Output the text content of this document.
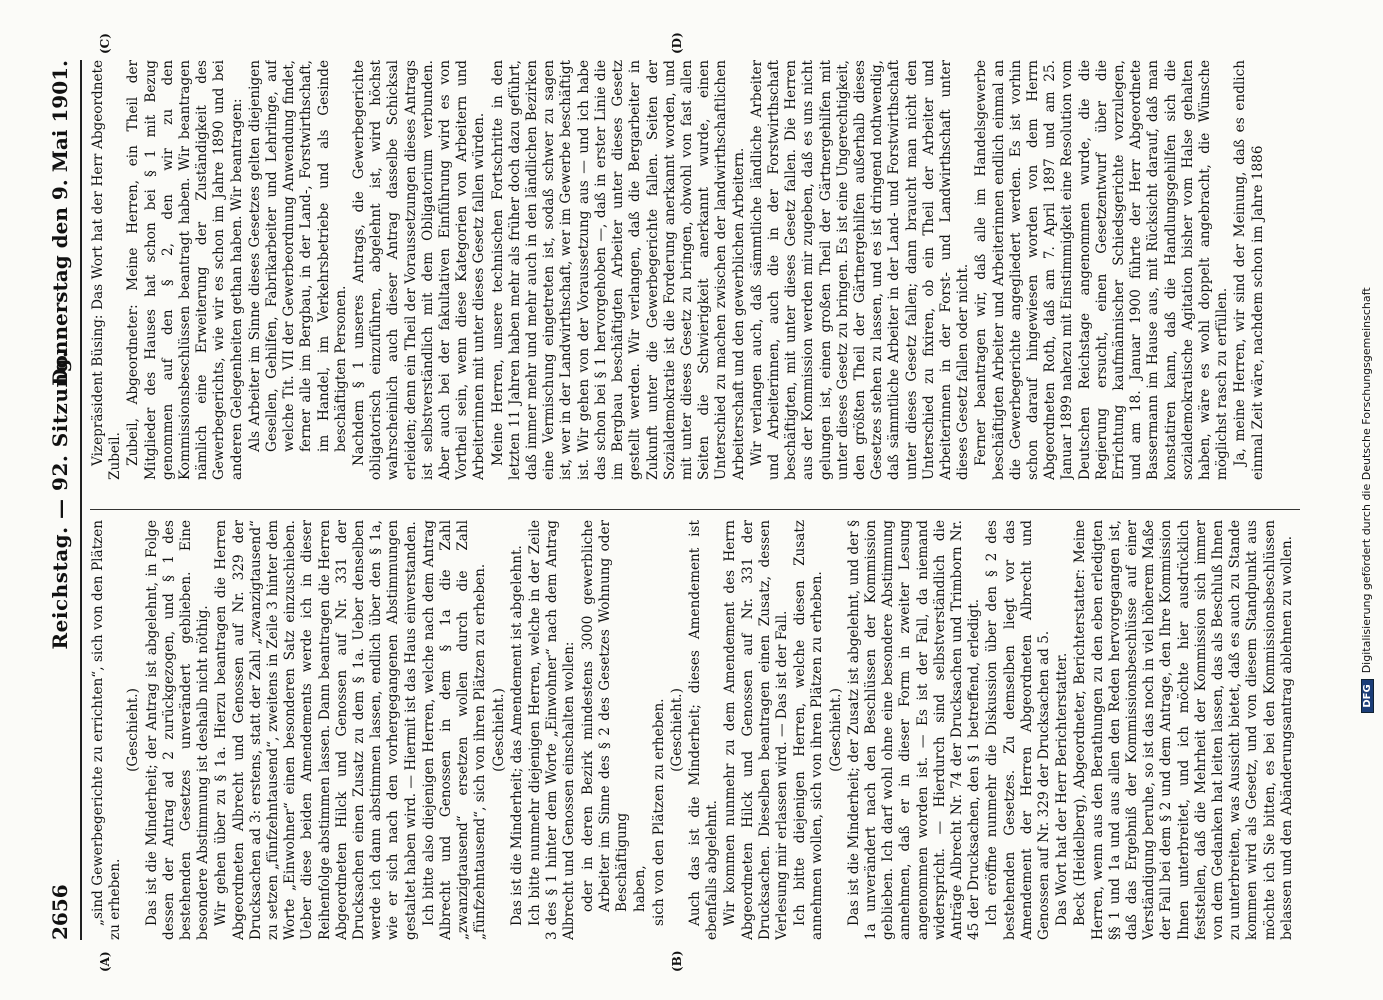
2656
Reichstag. — 92. Sitzung.
Donnerstag den 9. Mai 1901.
(A)	(B)
(C)	(D)

„sind Gewerbegerichte zu errichten“, sich von den Plätzen zu erheben.

(Geschieht.) Das ist die Minderheit; der Antrag ist abgelehnt, in Folge dessen der Antrag ad 2 zurückgezogen, und § 1 des bestehenden Gesetzes unverändert geblieben. Eine besondere Abstimmung ist deshalb nicht nöthig. Wir gehen über zu § 1a. Hierzu beantragen die Herren Abgeordneten Albrecht und Genossen auf Nr. 329 der Drucksachen ad 3: erstens, statt der Zahl „zwanzigtausend“ zu setzen „fünfzehntausend“, zweitens in Zeile 3 hinter dem Worte „Einwohner“ einen besonderen Satz einzuschieben. Ueber diese beiden Amendements werde ich in dieser Reihenfolge abstimmen lassen. Dann beantragen die Herren Abgeordneten Hilck und Genossen auf Nr. 331 der Drucksachen einen Zusatz zu dem § 1a. Ueber denselben werde ich dann abstimmen lassen, endlich über den § 1a, wie er sich nach den vorhergegangenen Abstimmungen gestaltet haben wird. — Hiermit ist das Haus einverstanden. Ich bitte also diejenigen Herren, welche nach dem Antrag Albrecht und Genossen in dem § 1a die Zahl „zwanzigtausend“ ersetzen wollen durch die Zahl „fünfzehntausend“, sich von ihren Plätzen zu erheben. (Geschieht.) Das ist die Minderheit; das Amendement ist abgelehnt. Ich bitte nunmehr diejenigen Herren, welche in der Zeile 3 des § 1 hinter dem Worte „Einwohner“ nach dem Antrag Albrecht und Genossen einschalten wollen: oder in deren Bezirk mindestens 3000 gewerbliche Arbeiter im Sinne des § 2 des Gesetzes Wohnung oder Beschäftigung haben, sich von den Plätzen zu erheben. (Geschieht.) Auch das ist die Minderheit; dieses Amendement ist ebenfalls abgelehnt. Wir kommen nunmehr zu dem Amendement des Herrn Abgeordneten Hilck und Genossen auf Nr. 331 der Drucksachen. Dieselben beantragen einen Zusatz, dessen Verlesung mir erlassen wird. — Das ist der Fall. Ich bitte diejenigen Herren, welche diesen Zusatz annehmen wollen, sich von ihren Plätzen zu erheben. (Geschieht.) Das ist die Minderheit; der Zusatz ist abgelehnt, und der § 1a unverändert nach den Beschlüssen der Kommission geblieben. Ich darf wohl ohne eine besondere Abstimmung annehmen, daß er in dieser Form in zweiter Lesung angenommen worden ist. — Es ist der Fall, da niemand widerspricht. — Hierdurch sind selbstverständlich die Anträge Albrecht Nr. 74 der Drucksachen und Trimborn Nr. 45 der Drucksachen, den § 1 betreffend, erledigt. Ich eröffne nunmehr die Diskussion über den § 2 des bestehenden Gesetzes. Zu demselben liegt vor das Amendement der Herren Abgeordneten Albrecht und Genossen auf Nr. 329 der Drucksachen ad 5. Das Wort hat der Herr Berichterstatter. Beck (Heidelberg), Abgeordneter, Berichterstatter: Meine Herren, wenn aus den Berathungen zu den eben erledigten §§ 1 und 1a und aus allen den Reden hervorgegangen ist, daß das Ergebniß der Kommissionsbeschlüsse auf einer Verständigung beruhe, so ist das noch in viel höherem Maße der Fall bei dem § 2 und dem Antrage, den Ihre Kommission Ihnen unterbreitet, und ich möchte hier ausdrücklich feststellen, daß die Mehrheit der Kommission sich immer von dem Gedanken hat leiten lassen, das als Beschluß Ihnen zu unterbreiten, was Aussicht bietet, daß es auch zu Stande kommen wird als Gesetz, und von diesem Standpunkt aus möchte ich Sie bitten, es bei den Kommissionsbeschlüssen belassen und den Abänderungsantrag ablehnen zu wollen.

Vizepräsident Büsing: Das Wort hat der Herr Abgeordnete Zubeil. Zubeil, Abgeordneter: Meine Herren, ein Theil der Mitglieder des Hauses hat schon bei § 1 mit Bezug genommen auf den § 2, den wir zu den Kommissionsbeschlüssen beantragt haben. Wir beantragen nämlich eine Erweiterung der Zuständigkeit des Gewerbegerichts, wie wir es schon im Jahre 1890 und bei anderen Gelegenheiten gethan haben. Wir beantragen: Als Arbeiter im Sinne dieses Gesetzes gelten diejenigen Gesellen, Gehilfen, Fabrikarbeiter und Lehrlinge, auf welche Tit. VII der Gewerbeordnung Anwendung findet, ferner alle im Bergbau, in der Land-, Forstwirthschaft, im Handel, im Verkehrsbetriebe und als Gesinde beschäftigten Personen. Nachdem § 1 unseres Antrags, die Gewerbegerichte obligatorisch einzuführen, abgelehnt ist, wird höchst wahrscheinlich auch dieser Antrag dasselbe Schicksal erleiden; denn ein Theil der Voraussetzungen dieses Antrags ist selbstverständlich mit dem Obligatorium verbunden. Aber auch bei der fakultativen Einführung wird es von Vortheil sein, wenn diese Kategorien von Arbeitern und Arbeiterinnen mit unter dieses Gesetz fallen würden. Meine Herren, unsere technischen Fortschritte in den letzten 11 Jahren haben mehr als früher doch dazu geführt, daß immer mehr und mehr auch in den ländlichen Bezirken eine Vermischung eingetreten ist, sodaß schwer zu sagen ist, wer in der Landwirthschaft, wer im Gewerbe beschäftigt ist. Wir gehen von der Voraussetzung aus — und ich habe das schon bei § 1 hervorgehoben —, daß in erster Linie die im Bergbau beschäftigten Arbeiter unter dieses Gesetz gestellt werden. Wir verlangen, daß die Bergarbeiter in Zukunft unter die Gewerbegerichte fallen. Seiten der Sozialdemokratie ist die Forderung anerkannt worden, und mit unter dieses Gesetz zu bringen, obwohl von fast allen Seiten die Schwierigkeit anerkannt wurde, einen Unterschied zu machen zwischen der landwirthschaftlichen Arbeiterschaft und den gewerblichen Arbeitern. Wir verlangen auch, daß sämmtliche ländliche Arbeiter und Arbeiterinnen, auch die in der Forstwirthschaft beschäftigten, mit unter dieses Gesetz fallen. Die Herren aus der Kommission werden mir zugeben, daß es uns nicht gelungen ist, einen großen Theil der Gärtnergehilfen mit unter dieses Gesetz zu bringen. Es ist eine Ungerechtigkeit, den größten Theil der Gärtnergehilfen außerhalb dieses Gesetzes stehen zu lassen, und es ist dringend nothwendig, daß sämmtliche Arbeiter in der Land- und Forstwirthschaft unter dieses Gesetz fallen; dann braucht man nicht den Unterschied zu fixiren, ob ein Theil der Arbeiter und Arbeiterinnen in der Forst- und Landwirthschaft unter dieses Gesetz fallen oder nicht. Ferner beantragen wir, daß alle im Handelsgewerbe beschäftigten Arbeiter und Arbeiterinnen endlich einmal an die Gewerbegerichte angegliedert werden. Es ist vorhin schon darauf hingewiesen worden von dem Herrn Abgeordneten Roth, daß am 7. April 1897 und am 25. Januar 1899 nahezu mit Einstimmigkeit eine Resolution vom Deutschen Reichstage angenommen wurde, die die Regierung ersucht, einen Gesetzentwurf über die Errichtung kaufmännischer Schiedsgerichte vorzulegen, und am 18. Januar 1900 führte der Herr Abgeordnete Bassermann im Hause aus, mit Rücksicht darauf, daß man konstatiren kann, daß die Handlungsgehilfen sich die sozialdemokratische Agitation bisher vom Halse gehalten haben, wäre es wohl doppelt angebracht, die Wünsche möglichst rasch zu erfüllen. Ja, meine Herren, wir sind der Meinung, daß es endlich einmal Zeit wäre, nachdem schon im Jahre 1886

DFGDigitalisierung gefördert durch die Deutsche Forschungsgemeinschaft
